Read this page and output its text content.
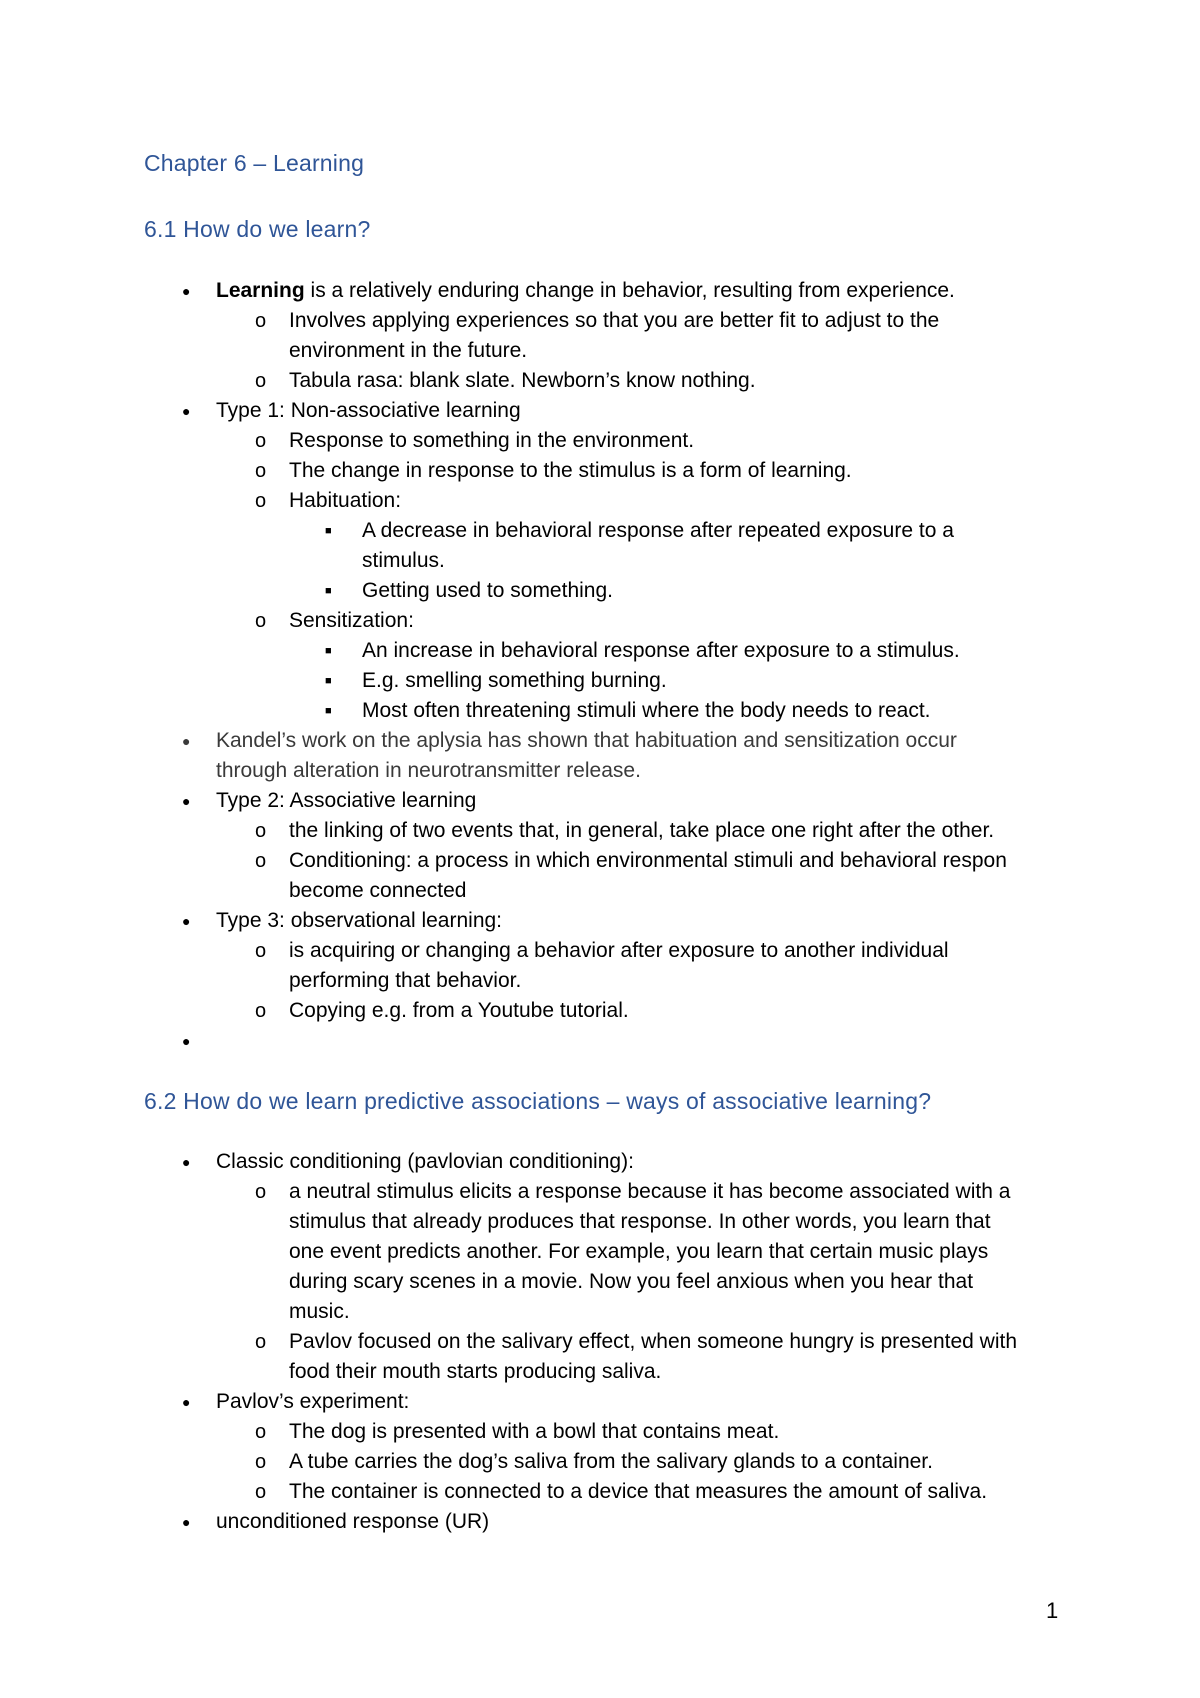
Chapter 6 – Learning
6.1 How do we learn?
● Learning is a relatively enduring change in behavior, resulting from experience.
o Involves applying experiences so that you are better fit to adjust to the
environment in the future.
o Tabula rasa: blank slate. Newborn’s know nothing.
● Type 1: Non-associative learning
o Response to something in the environment.
o The change in response to the stimulus is a form of learning.
o Habituation:
■ A decrease in behavioral response after repeated exposure to a
stimulus.
■ Getting used to something.
o Sensitization:
■ An increase in behavioral response after exposure to a stimulus.
■ E.g. smelling something burning.
■ Most often threatening stimuli where the body needs to react.
● Kandel’s work on the aplysia has shown that habituation and sensitization occur
through alteration in neurotransmitter release.
● Type 2: Associative learning
o the linking of two events that, in general, take place one right after the other.
o Conditioning: a process in which environmental stimuli and behavioral respon
become connected
● Type 3: observational learning:
o is acquiring or changing a behavior after exposure to another individual
performing that behavior.
o Copying e.g. from a Youtube tutorial.
●
6.2 How do we learn predictive associations – ways of associative learning?
● Classic conditioning (pavlovian conditioning):
o a neutral stimulus elicits a response because it has become associated with a
stimulus that already produces that response. In other words, you learn that
one event predicts another. For example, you learn that certain music plays
during scary scenes in a movie. Now you feel anxious when you hear that
music.
o Pavlov focused on the salivary effect, when someone hungry is presented with
food their mouth starts producing saliva.
● Pavlov’s experiment:
o The dog is presented with a bowl that contains meat.
o A tube carries the dog’s saliva from the salivary glands to a container.
o The container is connected to a device that measures the amount of saliva.
● unconditioned response (UR)
1
